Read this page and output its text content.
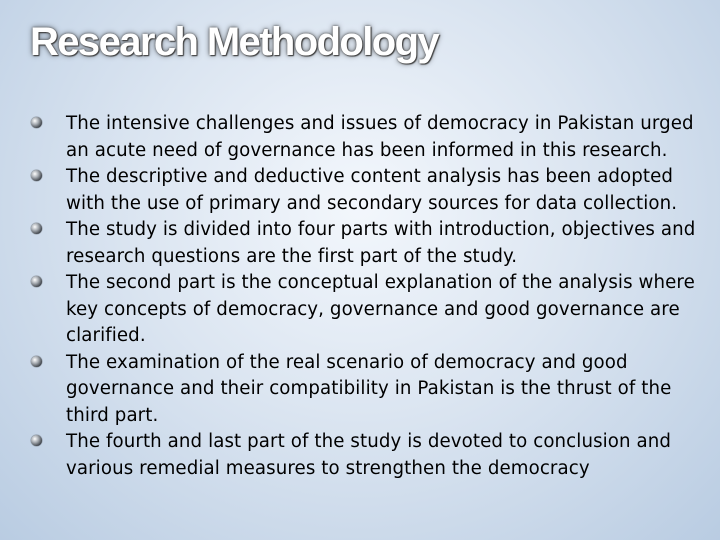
Research Methodology
The intensive challenges and issues of democracy in Pakistan urged an acute need of governance has been informed in this research.
The descriptive and deductive content analysis has been adopted with the use of primary and secondary sources for data collection.
The study is divided into four parts with introduction, objectives and research questions are the first part of the study.
The second part is the conceptual explanation of the analysis where key concepts of democracy, governance and good governance are clarified.
The examination of the real scenario of democracy and good governance and their compatibility in Pakistan is the thrust of the third part.
The fourth and last part of the study is devoted to conclusion and various remedial measures to strengthen the democracy
